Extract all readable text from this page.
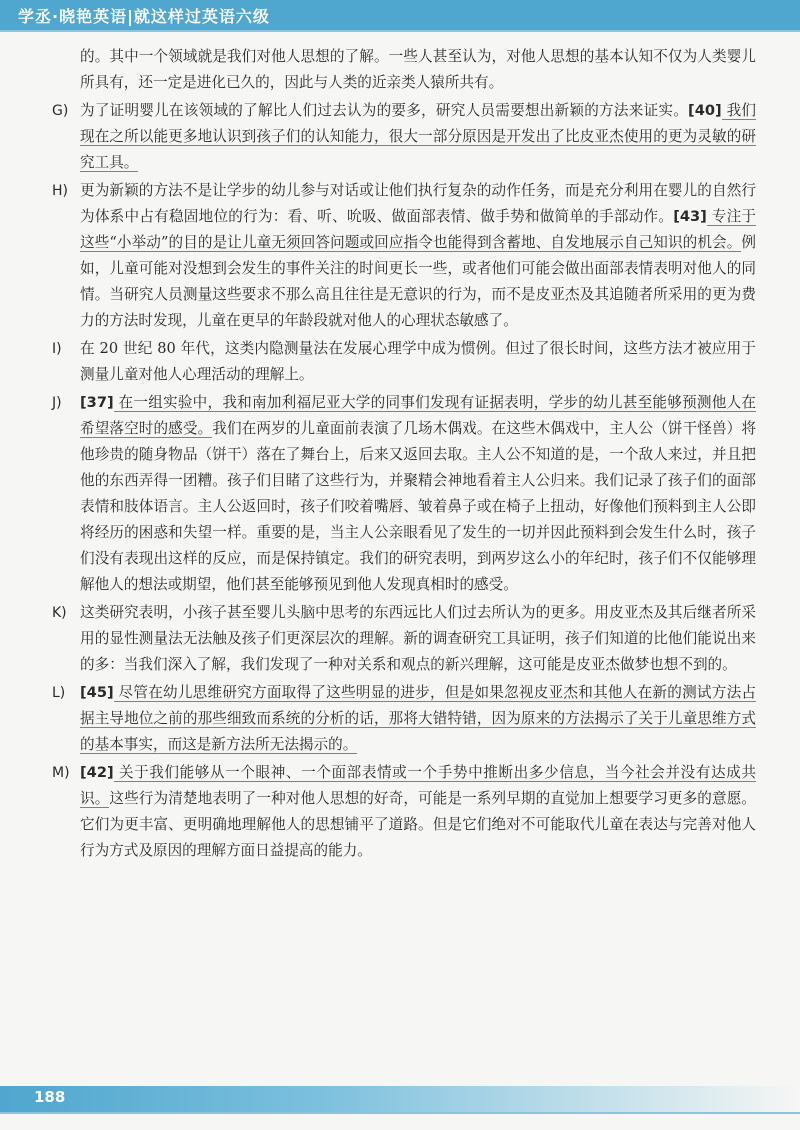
学丞·晓艳英语|就这样过英语六级

的。其中一个领域就是我们对他人思想的了解。一些人甚至认为，对他人思想的基本认知不仅为人类婴儿所具有，还一定是进化已久的，因此与人类的近亲类人猿所共有。

G) 为了证明婴儿在该领域的了解比人们过去认为的要多，研究人员需要想出新颖的方法来证实。[40] 我们现在之所以能更多地认识到孩子们的认知能力，很大一部分原因是开发出了比皮亚杰使用的更为灵敏的研究工具。

H) 更为新颖的方法不是让学步的幼儿参与对话或让他们执行复杂的动作任务，而是充分利用在婴儿的自然行为体系中占有稳固地位的行为：看、听、吮吸、做面部表情、做手势和做简单的手部动作。[43] 专注于这些“小举动”的目的是让儿童无须回答问题或回应指令也能得到含蓄地、自发地展示自己知识的机会。例如，儿童可能对没想到会发生的事件关注的时间更长一些，或者他们可能会做出面部表情表明对他人的同情。当研究人员测量这些要求不那么高且往往是无意识的行为，而不是皮亚杰及其追随者所采用的更为费力的方法时发现，儿童在更早的年龄段就对他人的心理状态敏感了。

I) 在 20 世纪 80 年代，这类内隐测量法在发展心理学中成为惯例。但过了很长时间，这些方法才被应用于测量儿童对他人心理活动的理解上。

J) [37] 在一组实验中，我和南加利福尼亚大学的同事们发现有证据表明，学步的幼儿甚至能够预测他人在希望落空时的感受。我们在两岁的儿童面前表演了几场木偶戏。在这些木偶戏中，主人公（饼干怪兽）将他珍贵的随身物品（饼干）落在了舞台上，后来又返回去取。主人公不知道的是，一个敌人来过，并且把他的东西弄得一团糟。孩子们目睹了这些行为，并聚精会神地看着主人公归来。我们记录了孩子们的面部表情和肢体语言。主人公返回时，孩子们咬着嘴唇、皱着鼻子或在椅子上扭动，好像他们预料到主人公即将经历的困惑和失望一样。重要的是，当主人公亲眼看见了发生的一切并因此预料到会发生什么时，孩子们没有表现出这样的反应，而是保持镇定。我们的研究表明，到两岁这么小的年纪时，孩子们不仅能够理解他人的想法或期望，他们甚至能够预见到他人发现真相时的感受。

K) 这类研究表明，小孩子甚至婴儿头脑中思考的东西远比人们过去所认为的更多。用皮亚杰及其后继者所采用的显性测量法无法触及孩子们更深层次的理解。新的调查研究工具证明，孩子们知道的比他们能说出来的多：当我们深入了解，我们发现了一种对关系和观点的新兴理解，这可能是皮亚杰做梦也想不到的。

L) [45] 尽管在幼儿思维研究方面取得了这些明显的进步，但是如果忽视皮亚杰和其他人在新的测试方法占据主导地位之前的那些细致而系统的分析的话，那将大错特错，因为原来的方法揭示了关于儿童思维方式的基本事实，而这是新方法所无法揭示的。

M) [42] 关于我们能够从一个眼神、一个面部表情或一个手势中推断出多少信息，当今社会并没有达成共识。这些行为清楚地表明了一种对他人思想的好奇，可能是一系列早期的直觉加上想要学习更多的意愿。它们为更丰富、更明确地理解他人的思想铺平了道路。但是它们绝对不可能取代儿童在表达与完善对他人行为方式及原因的理解方面日益提高的能力。

188
